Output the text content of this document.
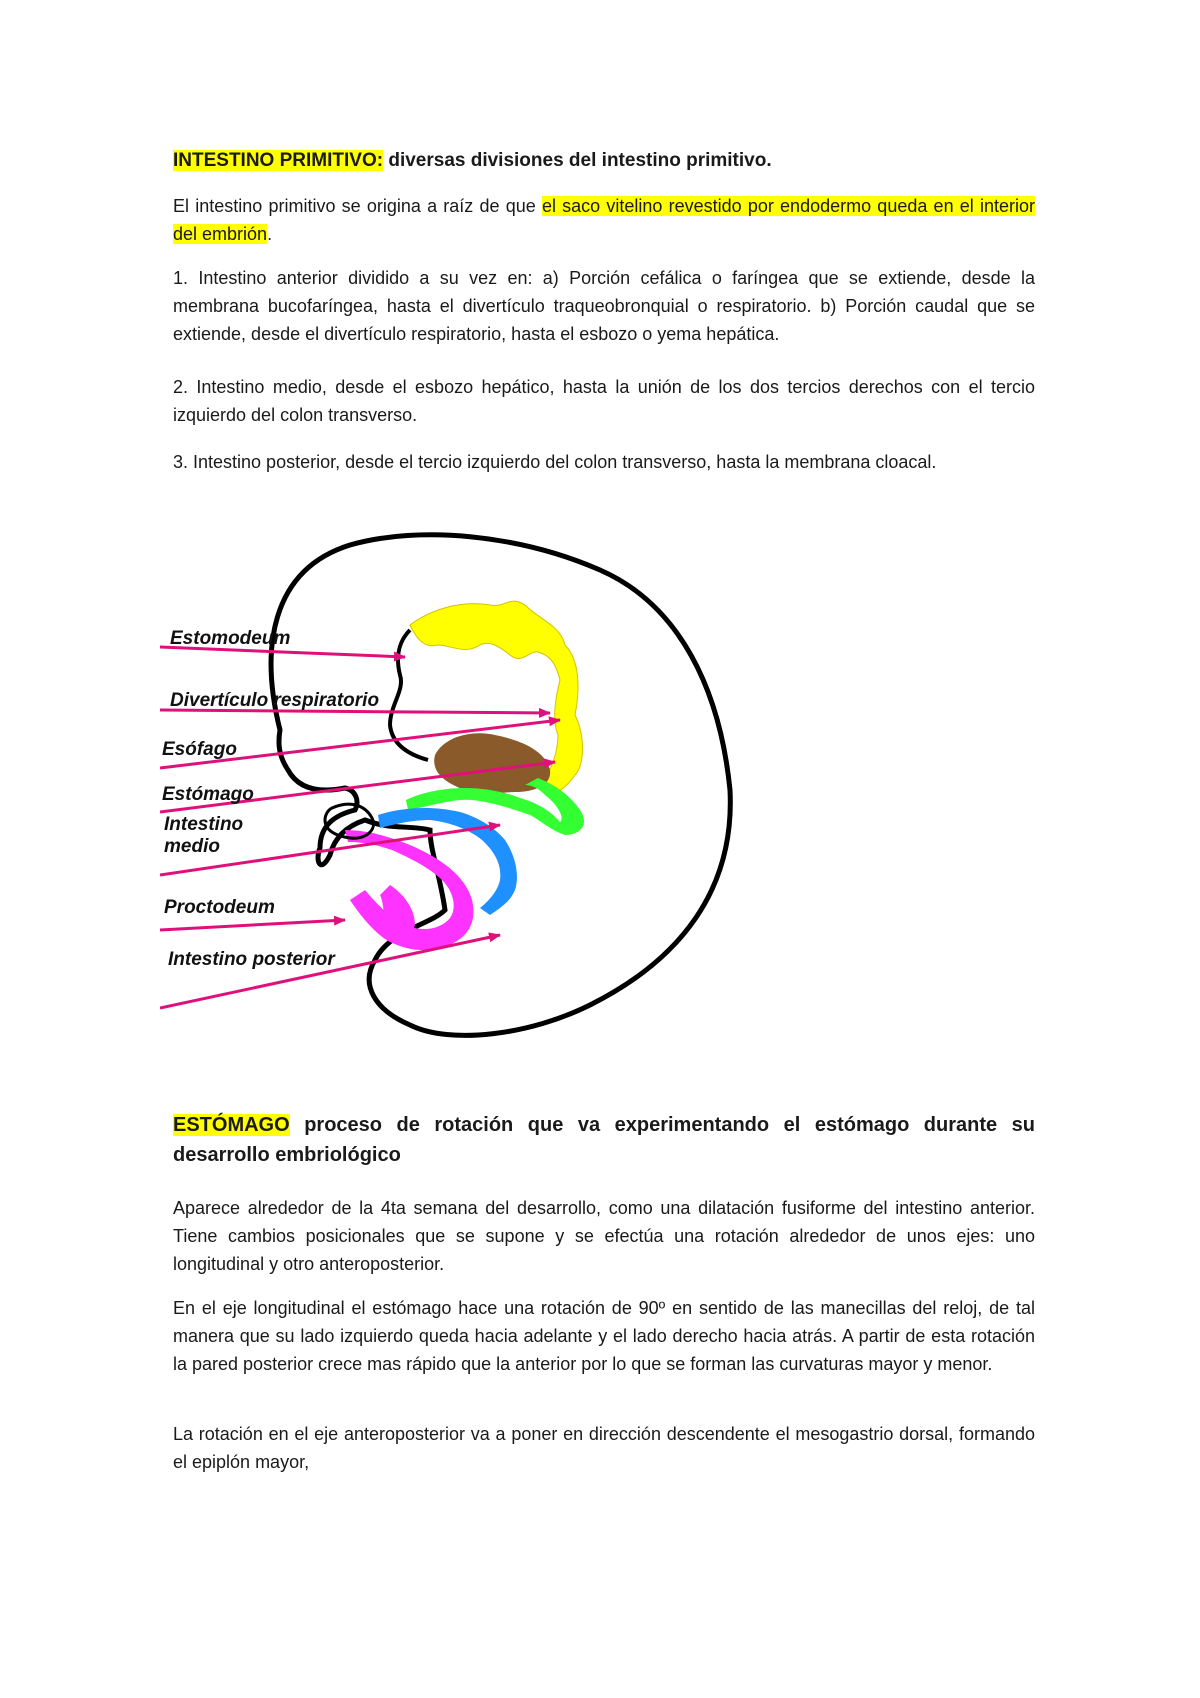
INTESTINO PRIMITIVO: diversas divisiones del intestino primitivo.

El intestino primitivo se origina a raíz de que el saco vitelino revestido por endodermo queda en el interior del embrión.

1. Intestino anterior dividido a su vez en: a) Porción cefálica o faríngea que se extiende, desde la membrana bucofaríngea, hasta el divertículo traqueobronquial o respiratorio. b) Porción caudal que se extiende, desde el divertículo respiratorio, hasta el esbozo o yema hepática.

2. Intestino medio, desde el esbozo hepático, hasta la unión de los dos tercios derechos con el tercio izquierdo del colon transverso.

3. Intestino posterior, desde el tercio izquierdo del colon transverso, hasta la membrana cloacal.

Estomodeum
Divertículo respiratorio
Esófago
Estómago
Intestino
medio
Proctodeum
Intestino posterior

ESTÓMAGO proceso de rotación que va experimentando el estómago durante su desarrollo embriológico

Aparece alrededor de la 4ta semana del desarrollo, como una dilatación fusiforme del intestino anterior. Tiene cambios posicionales que se supone y se efectúa una rotación alrededor de unos ejes: uno longitudinal y otro anteroposterior.

En el eje longitudinal el estómago hace una rotación de 90º en sentido de las manecillas del reloj, de tal manera que su lado izquierdo queda hacia adelante y el lado derecho hacia atrás. A partir de esta rotación la pared posterior crece mas rápido que la anterior por lo que se forman las curvaturas mayor y menor.

La rotación en el eje anteroposterior va a poner en dirección descendente el mesogastrio dorsal, formando el epiplón mayor,
